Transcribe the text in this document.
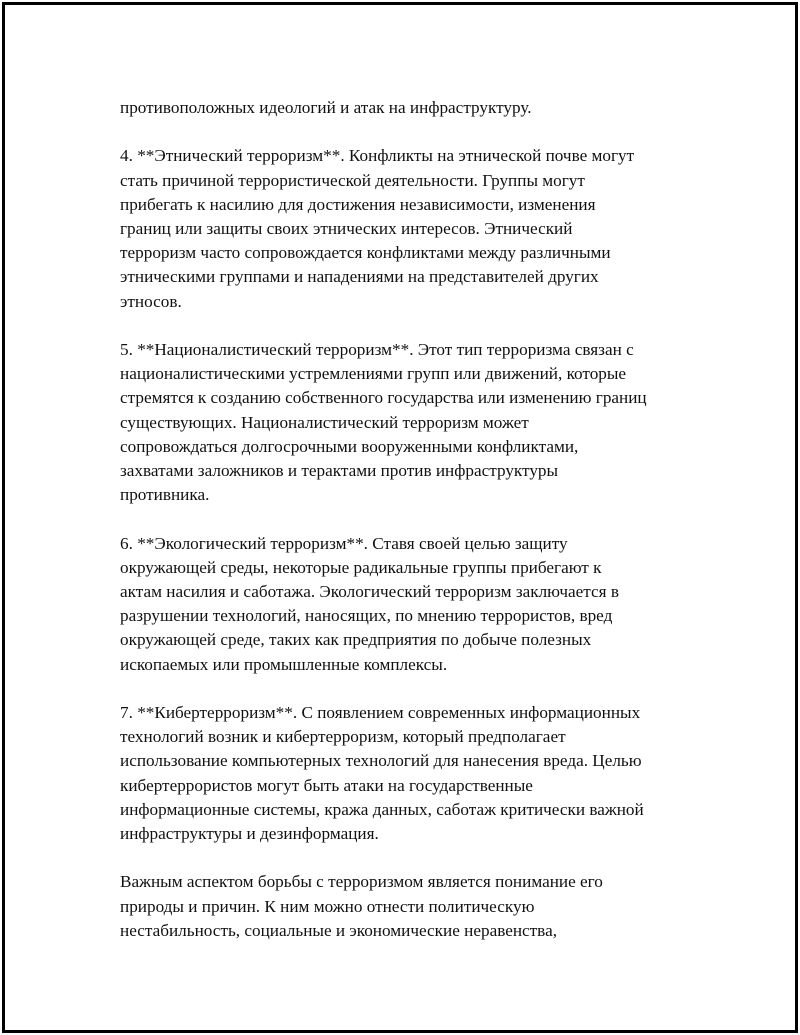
противоположных идеологий и атак на инфраструктуру.

4. **Этнический терроризм**. Конфликты на этнической почве могут
стать причиной террористической деятельности. Группы могут
прибегать к насилию для достижения независимости, изменения
границ или защиты своих этнических интересов. Этнический
терроризм часто сопровождается конфликтами между различными
этническими группами и нападениями на представителей других
этносов.

5. **Националистический терроризм**. Этот тип терроризма связан с
националистическими устремлениями групп или движений, которые
стремятся к созданию собственного государства или изменению границ
существующих. Националистический терроризм может
сопровождаться долгосрочными вооруженными конфликтами,
захватами заложников и терактами против инфраструктуры
противника.

6. **Экологический терроризм**. Ставя своей целью защиту
окружающей среды, некоторые радикальные группы прибегают к
актам насилия и саботажа. Экологический терроризм заключается в
разрушении технологий, наносящих, по мнению террористов, вред
окружающей среде, таких как предприятия по добыче полезных
ископаемых или промышленные комплексы.

7. **Кибертерроризм**. С появлением современных информационных
технологий возник и кибертерроризм, который предполагает
использование компьютерных технологий для нанесения вреда. Целью
кибертеррористов могут быть атаки на государственные
информационные системы, кража данных, саботаж критически важной
инфраструктуры и дезинформация.

Важным аспектом борьбы с терроризмом является понимание его
природы и причин. К ним можно отнести политическую
нестабильность, социальные и экономические неравенства,
